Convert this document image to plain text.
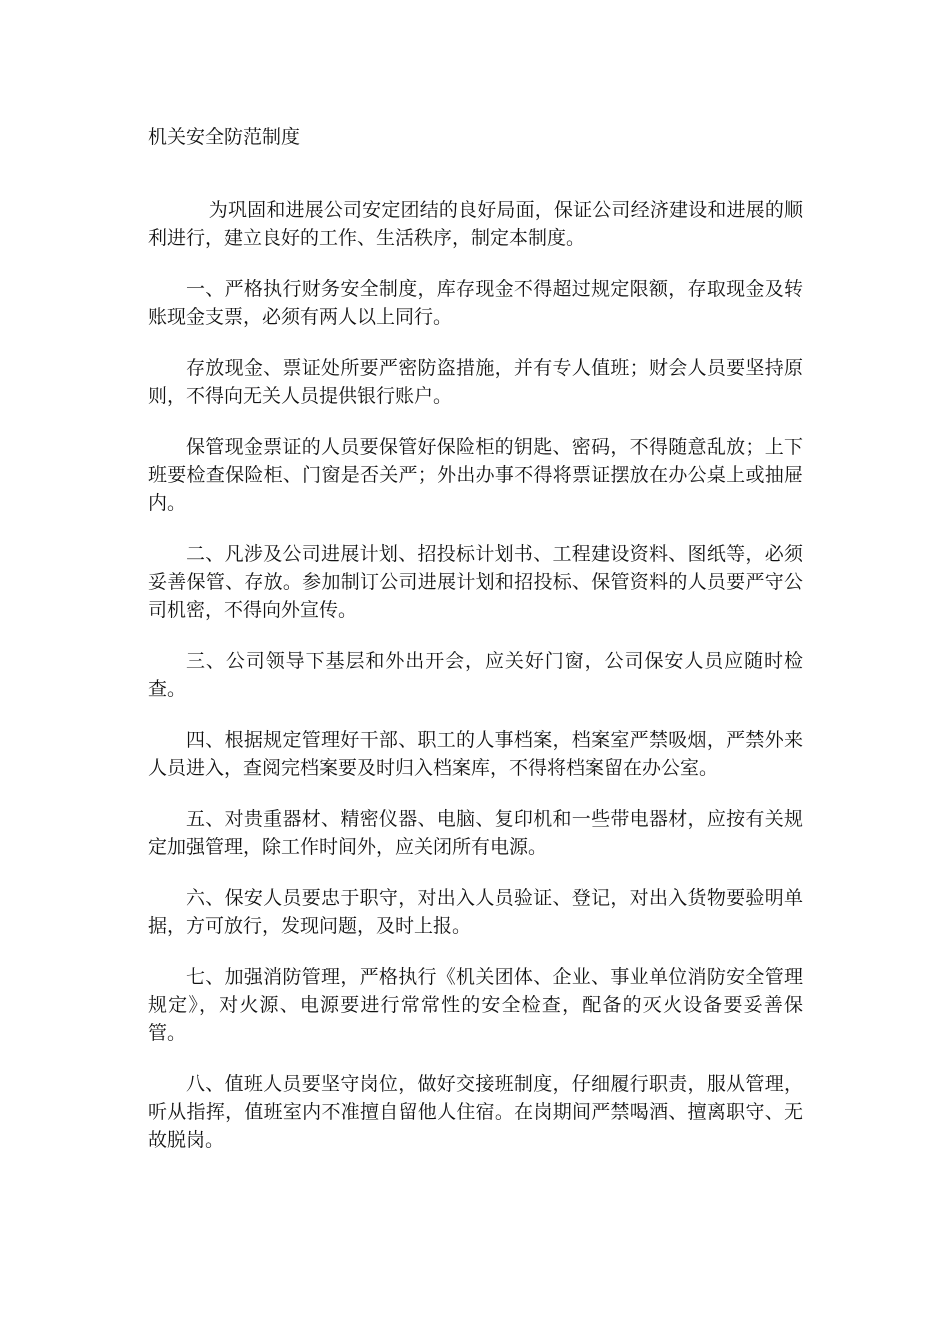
机关安全防范制度

为巩固和进展公司安定团结的良好局面，保证公司经济建设和进展的顺利进行，建立良好的工作、生活秩序，制定本制度。

一、严格执行财务安全制度，库存现金不得超过规定限额，存取现金及转账现金支票，必须有两人以上同行。

存放现金、票证处所要严密防盗措施，并有专人值班；财会人员要坚持原则，不得向无关人员提供银行账户。

保管现金票证的人员要保管好保险柜的钥匙、密码，不得随意乱放；上下班要检查保险柜、门窗是否关严；外出办事不得将票证摆放在办公桌上或抽屉内。

二、凡涉及公司进展计划、招投标计划书、工程建设资料、图纸等，必须妥善保管、存放。参加制订公司进展计划和招投标、保管资料的人员要严守公司机密，不得向外宣传。

三、公司领导下基层和外出开会，应关好门窗，公司保安人员应随时检查。

四、根据规定管理好干部、职工的人事档案，档案室严禁吸烟，严禁外来人员进入，查阅完档案要及时归入档案库，不得将档案留在办公室。

五、对贵重器材、精密仪器、电脑、复印机和一些带电器材，应按有关规定加强管理，除工作时间外，应关闭所有电源。

六、保安人员要忠于职守，对出入人员验证、登记，对出入货物要验明单据，方可放行，发现问题，及时上报。

七、加强消防管理，严格执行《机关团体、企业、事业单位消防安全管理规定》，对火源、电源要进行常常性的安全检查，配备的灭火设备要妥善保管。

八、值班人员要坚守岗位，做好交接班制度，仔细履行职责，服从管理，听从指挥，值班室内不准擅自留他人住宿。在岗期间严禁喝酒、擅离职守、无故脱岗。
